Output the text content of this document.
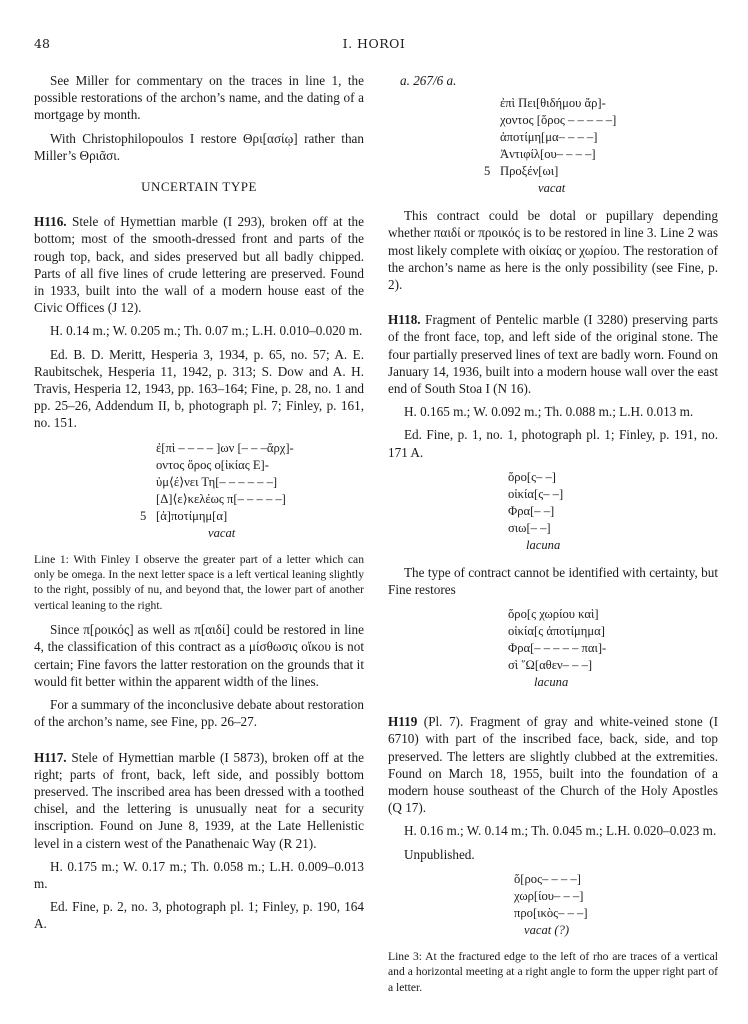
48	I. HOROI

See Miller for commentary on the traces in line 1, the possible restorations of the archon’s name, and the dating of a mortgage by month.

With Christophilopoulos I restore Θρι[ασίῳ] rather than Miller’s Θριᾶσι.

UNCERTAIN TYPE

H116. Stele of Hymettian marble (I 293), broken off at the bottom; most of the smooth-dressed front and parts of the rough top, back, and sides preserved but all badly chipped. Parts of all five lines of crude lettering are preserved. Found in 1933, built into the wall of a modern house east of the Civic Offices (J 12).

H. 0.14 m.; W. 0.205 m.; Th. 0.07 m.; L.H. 0.010–0.020 m.

Ed. B. D. Meritt, Hesperia 3, 1934, p. 65, no. 57; A. E. Raubitschek, Hesperia 11, 1942, p. 313; S. Dow and A. H. Travis, Hesperia 12, 1943, pp. 163–164; Fine, p. 28, no. 1 and pp. 25–26, Addendum II, b, photograph pl. 7; Finley, p. 161, no. 151.

ἐ[πὶ – – – – ]ων [– – –ἄρχ]-
οντος ὅρος ο[ἰκίας Ε]-
ὐμ⟨έ⟩νει Τη[– – – – – –]
[Δ]⟨ε⟩κελέως π[– – – – –]
5 [ἀ]ποτίμημ[α]
vacat
Line 1: With Finley I observe the greater part of a letter which can only be omega. In the next letter space is a left vertical leaning slightly to the right, possibly of nu, and beyond that, the lower part of another vertical leaning to the right.

Since π[ροικός] as well as π[αιδί] could be restored in line 4, the classification of this contract as a μίσθωσις οἴκου is not certain; Fine favors the latter restoration on the grounds that it would fit better within the apparent width of the lines.

For a summary of the inconclusive debate about restoration of the archon’s name, see Fine, pp. 26–27.

H117. Stele of Hymettian marble (I 5873), broken off at the right; parts of front, back, left side, and possibly bottom preserved. The inscribed area has been dressed with a toothed chisel, and the lettering is unusually neat for a security inscription. Found on June 8, 1939, at the Late Hellenistic level in a cistern west of the Panathenaic Way (R 21).

H. 0.175 m.; W. 0.17 m.; Th. 0.058 m.; L.H. 0.009–0.013 m.

Ed. Fine, p. 2, no. 3, photograph pl. 1; Finley, p. 190, 164 A.

a. 267/6 a.
ἐπὶ Πει[θιδήμου ἄρ]-
χοντος [ὅρος – – – – –]
ἀποτίμη[μα– – – –]
Ἀντιφίλ[ου– – – –]
5 Προξέν[ωι]
vacat

This contract could be dotal or pupillary depending whether παιδί or προικός is to be restored in line 3. Line 2 was most likely complete with οἰκίας or χωρίου. The restoration of the archon’s name as here is the only possibility (see Fine, p. 2).

H118. Fragment of Pentelic marble (I 3280) preserving parts of the front face, top, and left side of the original stone. The four partially preserved lines of text are badly worn. Found on January 14, 1936, built into a modern house wall over the east end of South Stoa I (N 16).

H. 0.165 m.; W. 0.092 m.; Th. 0.088 m.; L.H. 0.013 m.

Ed. Fine, p. 1, no. 1, photograph pl. 1; Finley, p. 191, no. 171 A.

ὅρο[ς– –]
οἰκία[ς– –]
Φρα[– –]
σιω[– –]
lacuna

The type of contract cannot be identified with certainty, but Fine restores

ὅρο[ς χωρίου καὶ]
οἰκία[ς ἀποτίμημα]
Φρα[– – – – – παι]-
σὶ ῞Ω[αθεν– – –]
lacuna

H119 (Pl. 7). Fragment of gray and white-veined stone (I 6710) with part of the inscribed face, back, side, and top preserved. The letters are slightly clubbed at the extremities. Found on March 18, 1955, built into the foundation of a modern house southeast of the Church of the Holy Apostles (Q 17).

H. 0.16 m.; W. 0.14 m.; Th. 0.045 m.; L.H. 0.020–0.023 m.

Unpublished.

ὅ[ρος– – – –]
χωρ[ίου– – –]
προ[ικὸς– – –]
vacat (?)
Line 3: At the fractured edge to the left of rho are traces of a vertical and a horizontal meeting at a right angle to form the upper right part of a letter.
